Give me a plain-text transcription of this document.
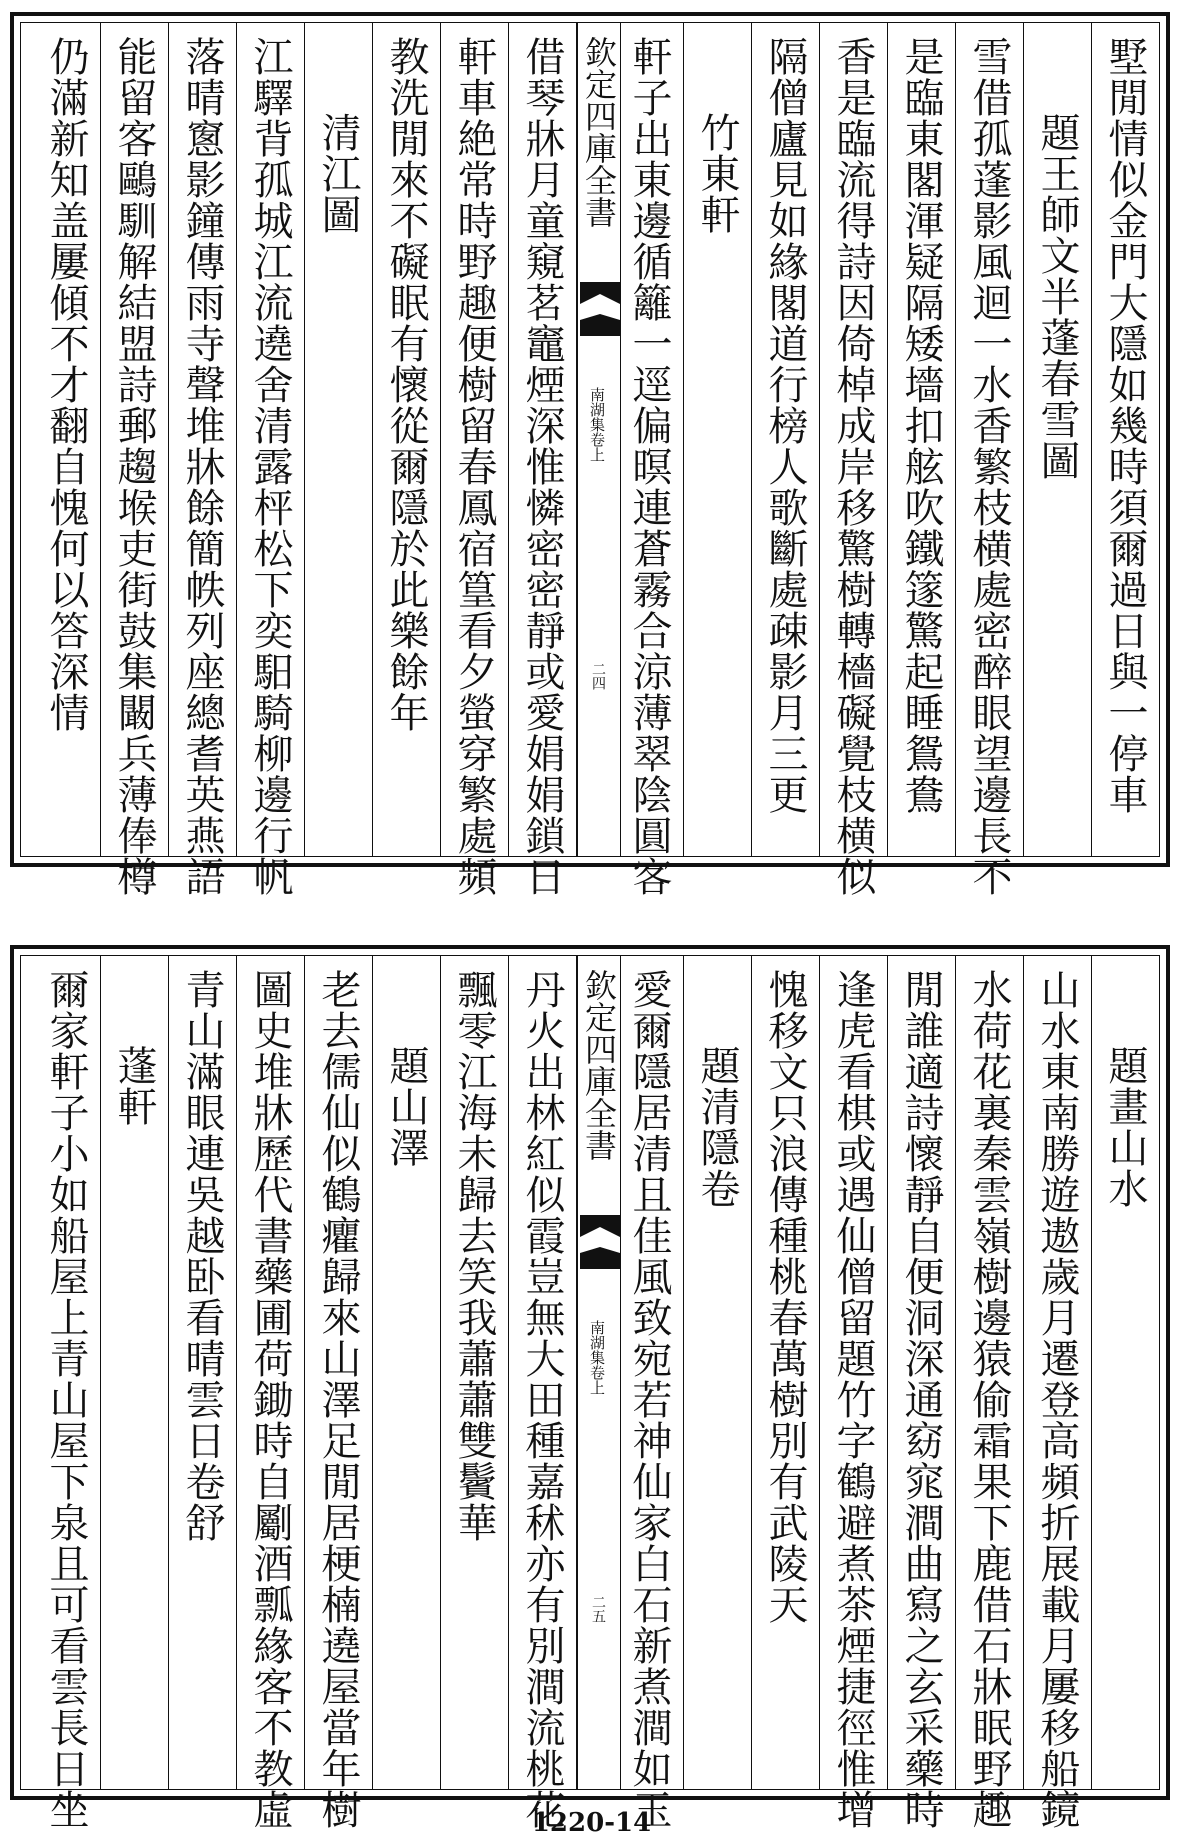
墅閒情似金門大隱如幾時須爾過日與一停車
題王師文半蓬春雪圖
雪借孤蓬影風迴一水香繁枝横處密醉眼望邊長不
是臨東閣渾疑隔矮墻扣舷吹鐵篴驚起睡鴛鴦
香是臨流得詩因倚棹成岸移驚樹轉檣礙覺枝横似
隔僧廬見如緣閣道行榜人歌斷處疎影月三更
竹東軒
軒子出東邊循籬一逕偏暝連蒼霧合涼薄翠陰圓客
欽定四庫全書
南湖集卷上
二四
借琴牀月童窺茗竈煙深惟憐密密靜或愛娟娟鎖日
軒車絶常時野趣便樹留春鳳宿篁看夕螢穿繁處頻
教洗閒來不礙眠有懷從爾隱於此樂餘年
清江圖
江驛背孤城江流遶舍清露枰松下奕馹騎柳邊行帆
落晴窻影鐘傳雨寺聲堆牀餘簡帙列座總耆英燕語
能留客鷗馴解結盟詩郵趨堠吏街鼓集闞兵薄俸樽
仍滿新知盖屢傾不才翻自愧何以答深情
題畫山水
山水東南勝遊遨歲月遷登高頻折展載月屢移船鏡
水荷花裏秦雲嶺樹邊猿偷霜果下鹿借石牀眠野趣
閒誰適詩懷靜自便洞深通窈窕澗曲寫之玄采藥時
逢虎看棋或遇仙僧留題竹字鶴避煮茶煙捷徑惟增
愧移文只浪傳種桃春萬樹別有武陵天
題清隱卷
愛爾隱居清且佳風致宛若神仙家白石新煮澗如玉
欽定四庫全書
南湖集卷上
二五
丹火出林紅似霞豈無大田種嘉秫亦有別澗流桃花
飄零江海未歸去笑我蕭蕭雙鬢華
題山澤
老去儒仙似鶴癯歸來山澤足閒居梗楠遶屋當年樹
圖史堆牀歷代書藥圃荷鋤時自劚酒瓢緣客不教虛
青山滿眼連吳越卧看晴雲日卷舒
蓬軒
爾家軒子小如船屋上青山屋下泉且可看雲長日坐	1220-14
